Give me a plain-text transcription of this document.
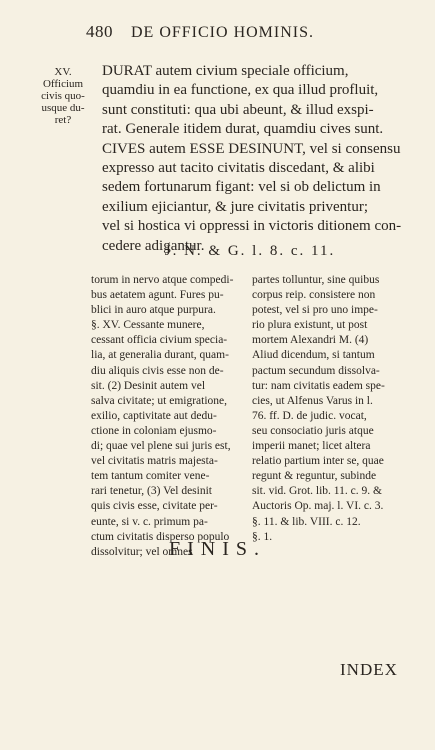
480 DE OFFICIO HOMINIS.
XV.
Officium
civis quo-
usque du-
ret?
DURAT autem civium speciale officium,
quamdiu in ea functione, ex qua illud profluit,
sunt constituti: qua ubi abeunt, & illud exspi-
rat. Generale itidem durat, quamdiu cives sunt.
CIVES autem ESSE DESINUNT, vel si consensu
expresso aut tacito civitatis discedant, & alibi
sedem fortunarum figant: vel si ob delictum in
exilium ejiciantur, & jure civitatis priventur;
vel si hostica vi oppressi in victoris ditionem con-
cedere adigantur.
J. N. & G. l. 8. c. 11.
torum in nervo atque compedi-
bus aetatem agunt. Fures pu-
blici in auro atque purpura.
§. XV. Cessante munere,
cessant officia civium specia-
lia, at generalia durant, quam-
diu aliquis civis esse non de-
sit. (2) Desinit autem vel
salva civitate; ut emigratione,
exilio, captivitate aut dedu-
ctione in coloniam ejusmo-
di; quae vel plene sui juris est,
vel civitatis matris majesta-
tem tantum comiter vene-
rari tenetur, (3) Vel desinit
quis civis esse, civitate per-
eunte, si v. c. primum pa-
ctum civitatis disperso populo
dissolvitur; vel omnes
partes tolluntur, sine quibus
corpus reip. consistere non
potest, vel si pro uno impe-
rio plura existunt, ut post
mortem Alexandri M. (4)
Aliud dicendum, si tantum
pactum secundum dissolva-
tur: nam civitatis eadem spe-
cies, ut Alfenus Varus in l.
76. ff. D. de judic. vocat,
seu consociatio juris atque
imperii manet; licet altera
relatio partium inter se, quae
regunt & reguntur, subinde
sit. vid. Grot. lib. 11. c. 9. &
Auctoris Op. maj. l. VI. c. 3.
§. 11. & lib. VIII. c. 12.
§. 1.
FINIS.
INDEX
